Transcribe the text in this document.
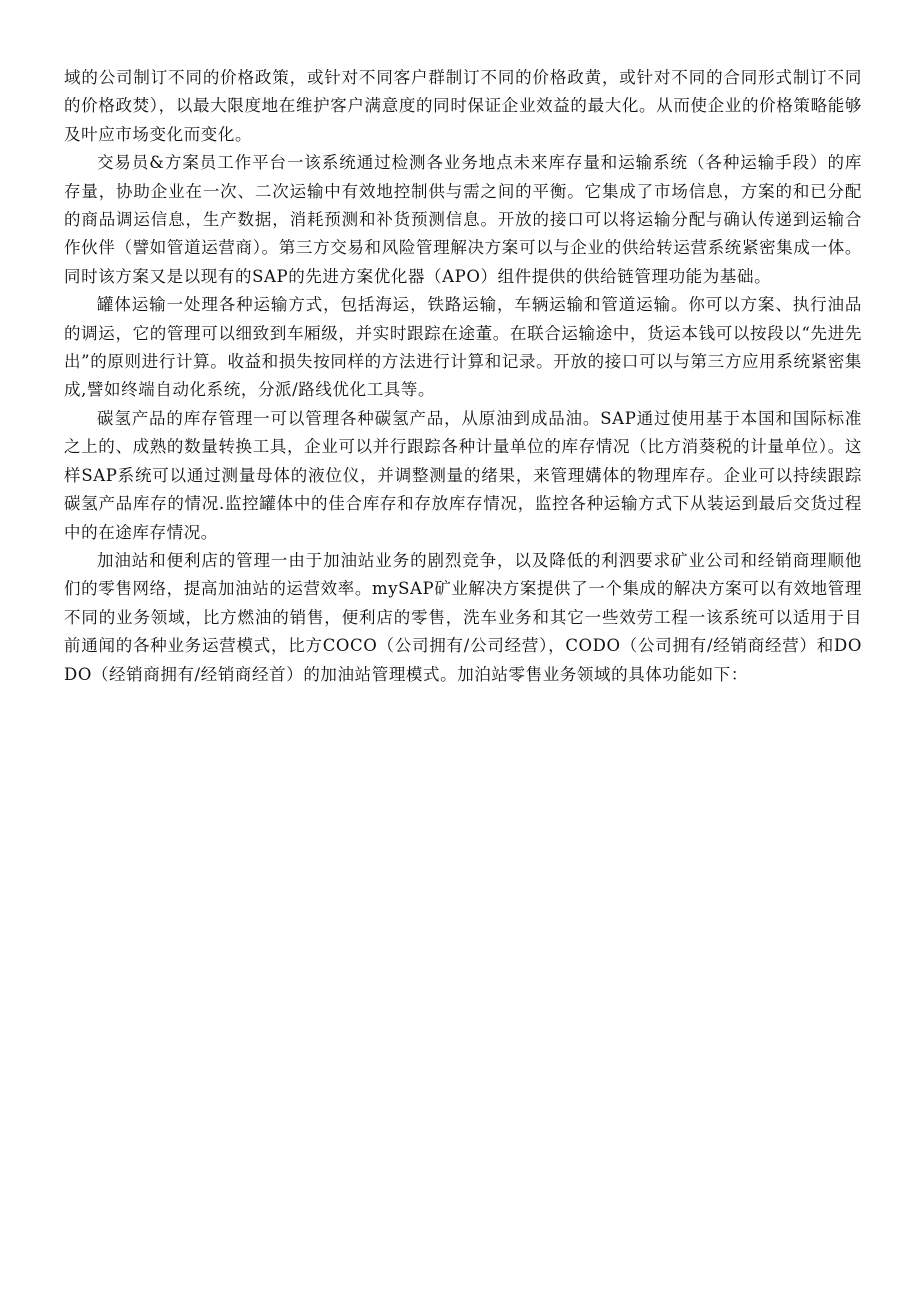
域的公司制订不同的价格政策，或针对不同客户群制订不同的价格政黄，或针对不同的合同形式制订不同的价格政焚），以最大限度地在维护客户满意度的同时保证企业效益的最大化。从而使企业的价格策略能够及叶应市场变化而变化。

交易员&方案员工作平台一该系统通过检测各业务地点未来库存量和运输系统（各种运输手段）的库存量，协助企业在一次、二次运输中有效地控制供与需之间的平衡。它集成了市场信息，方案的和已分配的商品调运信息，生产数据，消耗预测和补货预测信息。开放的接口可以将运输分配与确认传递到运输合作伙伴（譬如管道运营商）。第三方交易和风险管理解决方案可以与企业的供给转运营系统紧密集成一体。同时该方案又是以现有的SAP的先进方案优化器（APO）组件提供的供给链管理功能为基础。

罐体运输一处理各种运输方式，包括海运，铁路运输，车辆运输和管道运输。你可以方案、执行油品的调运，它的管理可以细致到车厢级，并实时跟踪在途董。在联合运输途中，货运本钱可以按段以“先进先出”的原则进行计算。收益和损失按同样的方法进行计算和记录。开放的接口可以与第三方应用系统紧密集成,譬如终端自动化系统，分派/路线优化工具等。

碳氢产品的库存管理一可以管理各种碳氢产品，从原油到成品油。SAP通过使用基于本国和国际标准之上的、成熟的数量转换工具，企业可以并行跟踪各种计量单位的库存情况（比方消葵税的计量单位）。这样SAP系统可以通过测量母体的液位仪，并调整测量的绪果，来管理媾体的物理库存。企业可以持续跟踪碳氢产品库存的情况.监控罐体中的佳合库存和存放库存情况，监控各种运输方式下从装运到最后交货过程中的在途库存情况。

加油站和便利店的管理一由于加油站业务的剧烈竞争，以及降低的利泗要求矿业公司和经销商理顺他们的零售网络，提高加油站的运营效率。mySAP矿业解决方案提供了一个集成的解决方案可以有效地管理不同的业务领域，比方燃油的销售，便利店的零售，洗车业务和其它一些效劳工程一该系统可以适用于目前通闻的各种业务运营模式，比方COCO（公司拥有/公司经营），CODO（公司拥有/经销商经营）和DODO（经销商拥有/经销商经首）的加油站管理模式。加泊站零售业务领域的具体功能如下：
